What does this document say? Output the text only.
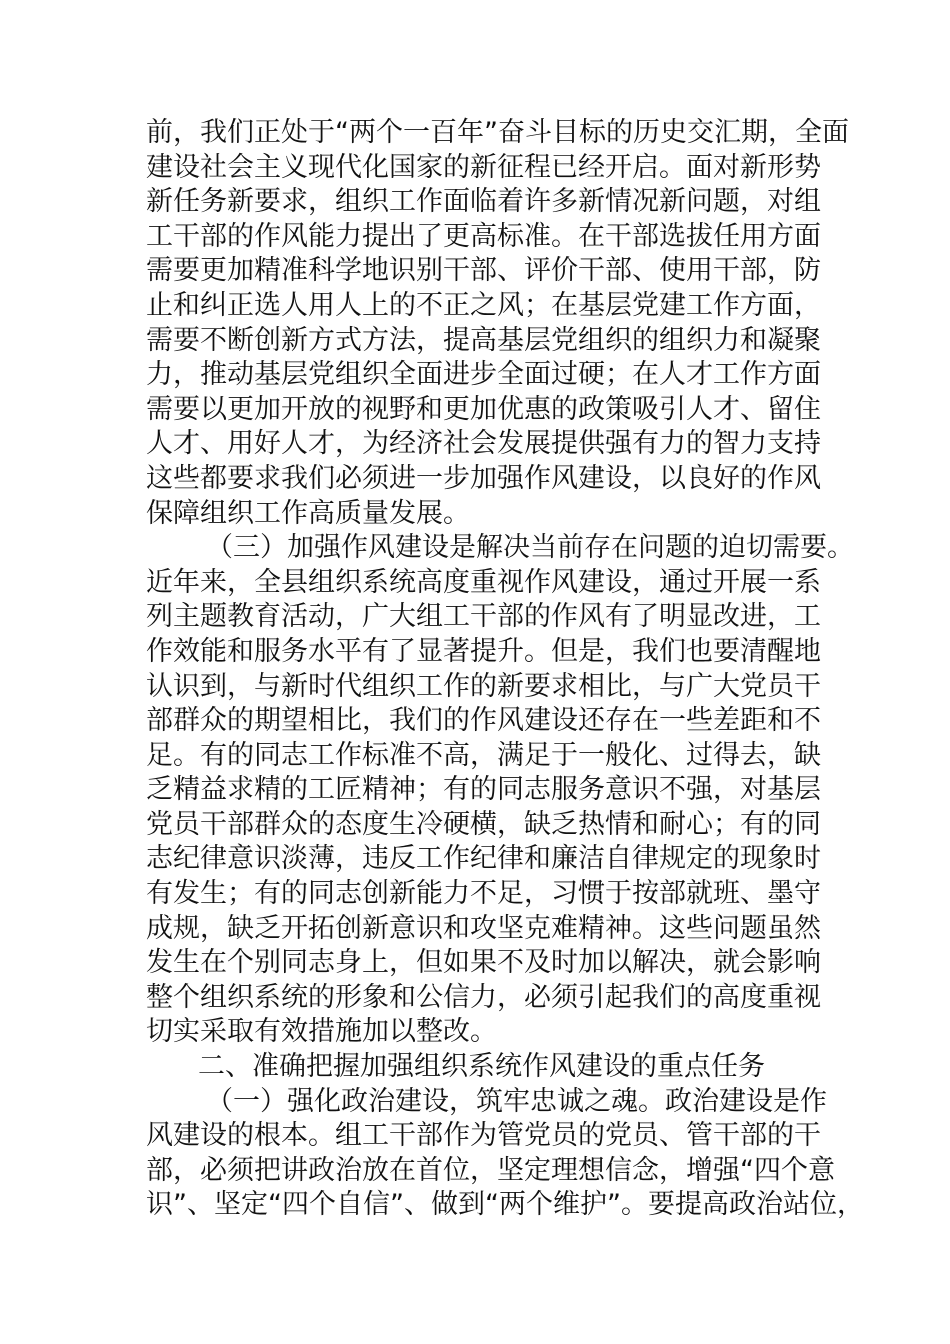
前，我们正处于“两个一百年”奋斗目标的历史交汇期，全面
建设社会主义现代化国家的新征程已经开启。面对新形势
新任务新要求，组织工作面临着许多新情况新问题，对组
工干部的作风能力提出了更高标准。在干部选拔任用方面
需要更加精准科学地识别干部、评价干部、使用干部，防
止和纠正选人用人上的不正之风；在基层党建工作方面，
需要不断创新方式方法，提高基层党组织的组织力和凝聚
力，推动基层党组织全面进步全面过硬；在人才工作方面
需要以更加开放的视野和更加优惠的政策吸引人才、留住
人才、用好人才，为经济社会发展提供强有力的智力支持
这些都要求我们必须进一步加强作风建设，以良好的作风
保障组织工作高质量发展。
（三）加强作风建设是解决当前存在问题的迫切需要。
近年来，全县组织系统高度重视作风建设，通过开展一系
列主题教育活动，广大组工干部的作风有了明显改进，工
作效能和服务水平有了显著提升。但是，我们也要清醒地
认识到，与新时代组织工作的新要求相比，与广大党员干
部群众的期望相比，我们的作风建设还存在一些差距和不
足。有的同志工作标准不高，满足于一般化、过得去，缺
乏精益求精的工匠精神；有的同志服务意识不强，对基层
党员干部群众的态度生冷硬横，缺乏热情和耐心；有的同
志纪律意识淡薄，违反工作纪律和廉洁自律规定的现象时
有发生；有的同志创新能力不足，习惯于按部就班、墨守
成规，缺乏开拓创新意识和攻坚克难精神。这些问题虽然
发生在个别同志身上，但如果不及时加以解决，就会影响
整个组织系统的形象和公信力，必须引起我们的高度重视
切实采取有效措施加以整改。
二、准确把握加强组织系统作风建设的重点任务
（一）强化政治建设，筑牢忠诚之魂。政治建设是作
风建设的根本。组工干部作为管党员的党员、管干部的干
部，必须把讲政治放在首位，坚定理想信念，增强“四个意
识”、坚定“四个自信”、做到“两个维护”。要提高政治站位，
